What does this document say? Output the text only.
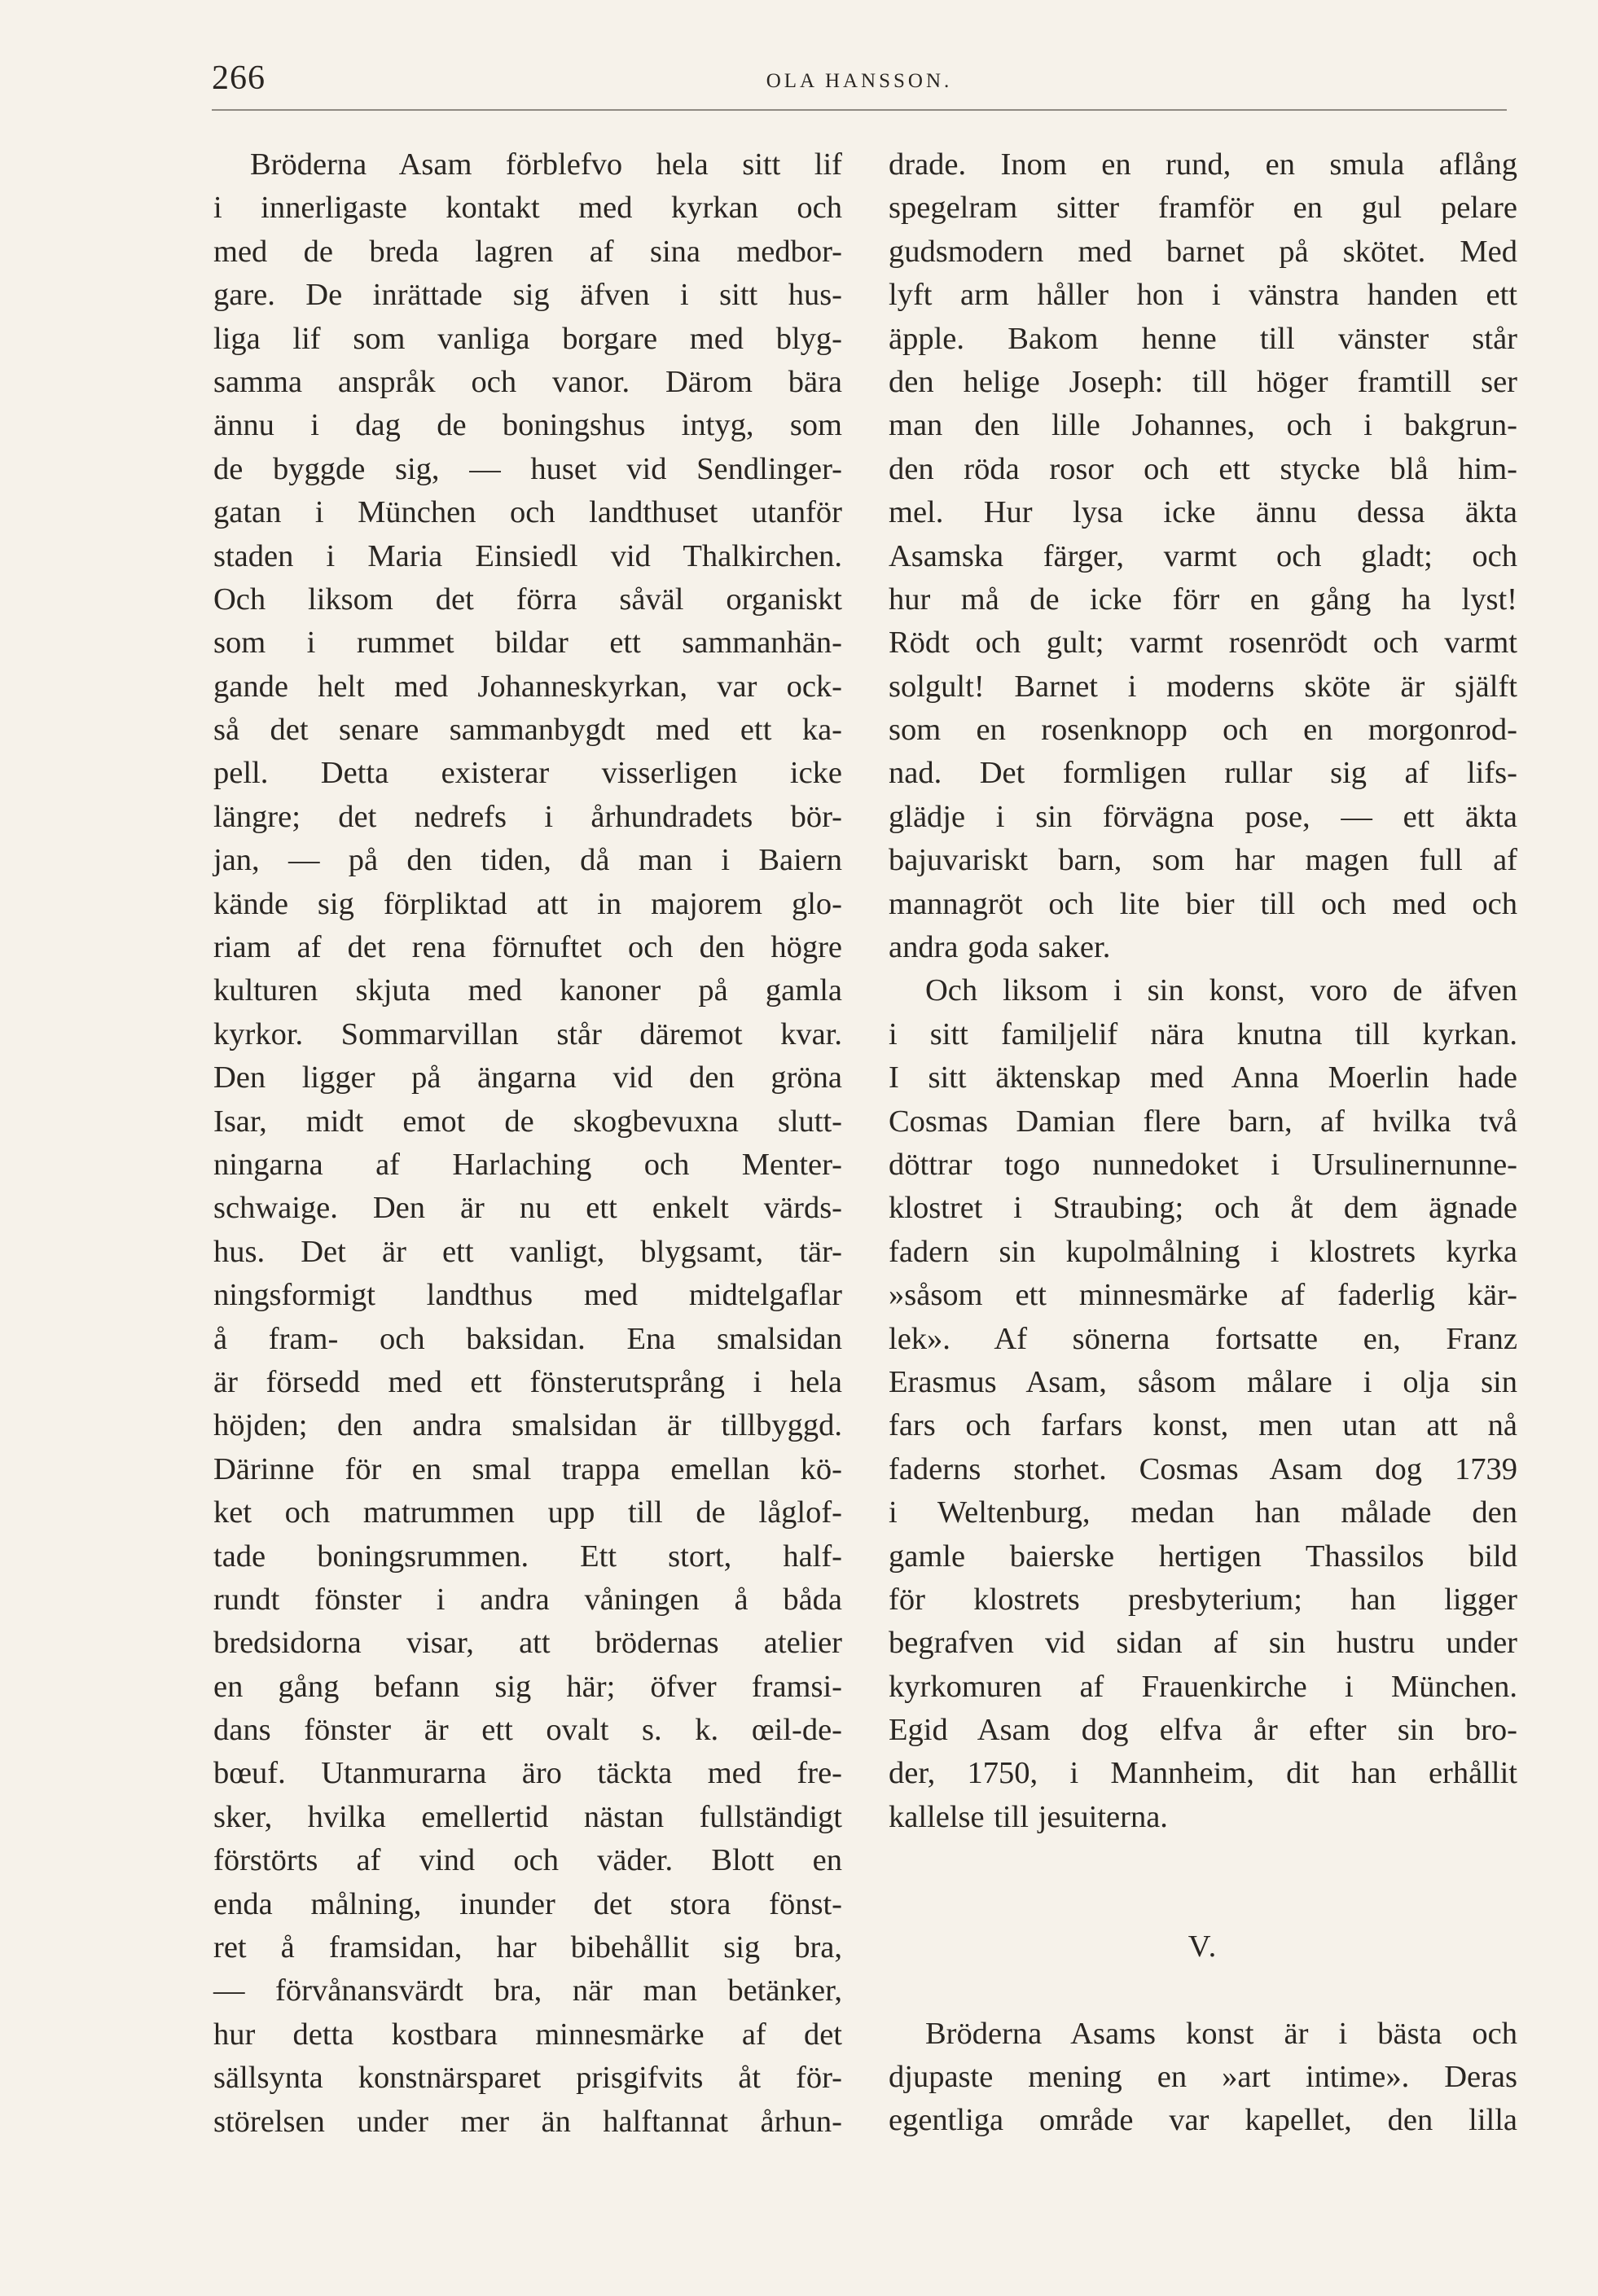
266	OLA HANSSON.
Bröderna Asam förblefvo hela sitt lif
i innerligaste kontakt med kyrkan och
med de breda lagren af sina medbor-
gare. De inrättade sig äfven i sitt hus-
liga lif som vanliga borgare med blyg-
samma anspråk och vanor. Därom bära
ännu i dag de boningshus intyg, som
de byggde sig, — huset vid Sendlinger-
gatan i München och landthuset utanför
staden i Maria Einsiedl vid Thalkirchen.
Och liksom det förra såväl organiskt
som i rummet bildar ett sammanhän-
gande helt med Johanneskyrkan, var ock-
så det senare sammanbygdt med ett ka-
pell. Detta existerar visserligen icke
längre; det nedrefs i århundradets bör-
jan, — på den tiden, då man i Baiern
kände sig förpliktad att in majorem glo-
riam af det rena förnuftet och den högre
kulturen skjuta med kanoner på gamla
kyrkor. Sommarvillan står däremot kvar.
Den ligger på ängarna vid den gröna
Isar, midt emot de skogbevuxna slutt-
ningarna af Harlaching och Menter-
schwaige. Den är nu ett enkelt värds-
hus. Det är ett vanligt, blygsamt, tär-
ningsformigt landthus med midtelgaflar
å fram- och baksidan. Ena smalsidan
är försedd med ett fönsterutsprång i hela
höjden; den andra smalsidan är tillbyggd.
Därinne för en smal trappa emellan kö-
ket och matrummen upp till de låglof-
tade boningsrummen. Ett stort, half-
rundt fönster i andra våningen å båda
bredsidorna visar, att brödernas atelier
en gång befann sig här; öfver framsi-
dans fönster är ett ovalt s. k. œil-de-
bœuf. Utanmurarna äro täckta med fre-
sker, hvilka emellertid nästan fullständigt
förstörts af vind och väder. Blott en
enda målning, inunder det stora fönst-
ret å framsidan, har bibehållit sig bra,
— förvånansvärdt bra, när man betänker,
hur detta kostbara minnesmärke af det
sällsynta konstnärsparet prisgifvits åt för-
störelsen under mer än halftannat århun-
drade. Inom en rund, en smula aflång
spegelram sitter framför en gul pelare
gudsmodern med barnet på skötet. Med
lyft arm håller hon i vänstra handen ett
äpple. Bakom henne till vänster står
den helige Joseph: till höger framtill ser
man den lille Johannes, och i bakgrun-
den röda rosor och ett stycke blå him-
mel. Hur lysa icke ännu dessa äkta
Asamska färger, varmt och gladt; och
hur må de icke förr en gång ha lyst!
Rödt och gult; varmt rosenrödt och varmt
solgult! Barnet i moderns sköte är själft
som en rosenknopp och en morgonrod-
nad. Det formligen rullar sig af lifs-
glädje i sin förvägna pose, — ett äkta
bajuvariskt barn, som har magen full af
mannagröt och lite bier till och med och
andra goda saker.
Och liksom i sin konst, voro de äfven
i sitt familjelif nära knutna till kyrkan.
I sitt äktenskap med Anna Moerlin hade
Cosmas Damian flere barn, af hvilka två
döttrar togo nunnedoket i Ursulinernunne-
klostret i Straubing; och åt dem ägnade
fadern sin kupolmålning i klostrets kyrka
»såsom ett minnesmärke af faderlig kär-
lek». Af sönerna fortsatte en, Franz
Erasmus Asam, såsom målare i olja sin
fars och farfars konst, men utan att nå
faderns storhet. Cosmas Asam dog 1739
i Weltenburg, medan han målade den
gamle baierske hertigen Thassilos bild
för klostrets presbyterium; han ligger
begrafven vid sidan af sin hustru under
kyrkomuren af Frauenkirche i München.
Egid Asam dog elfva år efter sin bro-
der, 1750, i Mannheim, dit han erhållit
kallelse till jesuiterna.
V.
Bröderna Asams konst är i bästa och
djupaste mening en »art intime». Deras
egentliga område var kapellet, den lilla
